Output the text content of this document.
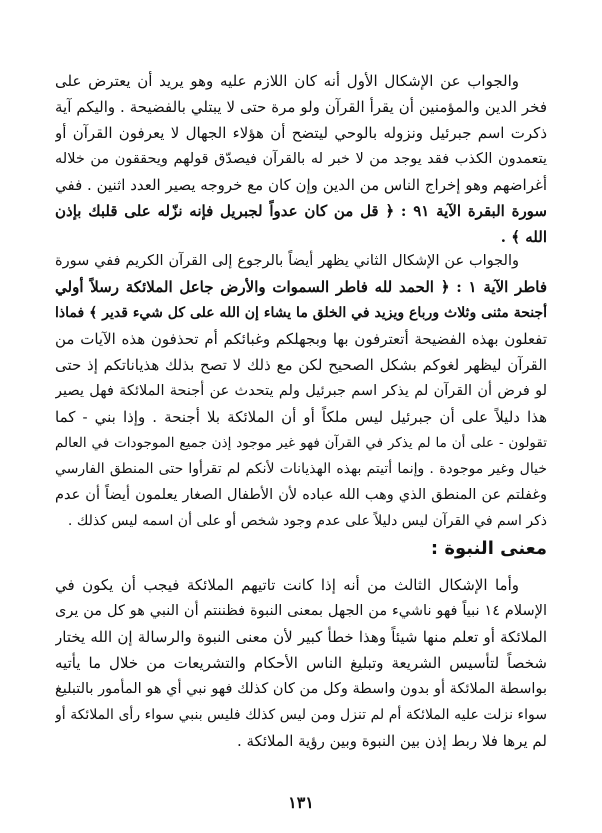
والجواب عن الإشكال الأول أنه كان اللازم عليه وهو يريد أن يعترض على
فخر الدين والمؤمنين أن يقرأ القرآن ولو مرة حتى لا يبتلي بالفضيحة . واليكم آية
ذكرت اسم جبرئيل ونزوله بالوحي ليتضح أن هؤلاء الجهال لا يعرفون القرآن أو
يتعمدون الكذب فقد يوجد من لا خبر له بالقرآن فيصدّق قولهم ويحققون من خلاله
أغراضهم وهو إخراج الناس من الدين وإن كان مع خروجه يصير العدد اثنين . ففي
سورة البقرة الآية ٩١ : ﴿ قل من كان عدواً لجبريل فإنه نزّله على قلبك بإذن
الله ﴾ .
والجواب عن الإشكال الثاني يظهر أيضاً بالرجوع إلى القرآن الكريم ففي سورة
فاطر الآية ١ : ﴿ الحمد لله فاطر السموات والأرض جاعل الملائكة رسلاً أولي
أجنحة مثنى وثلاث ورباع ويزيد في الخلق ما يشاء إن الله على كل شيء قدير ﴾ فماذا
تفعلون بهذه الفضيحة أتعترفون بها وبجهلكم وغبائكم أم تحذفون هذه الآيات من
القرآن ليظهر لغوكم بشكل الصحيح لكن مع ذلك لا تصح بذلك هذياناتكم إذ حتى
لو فرض أن القرآن لم يذكر اسم جبرئيل ولم يتحدث عن أجنحة الملائكة فهل يصير
هذا دليلاً على أن جبرئيل ليس ملكاً أو أن الملائكة بلا أجنحة . وإذا بني - كما
تقولون - على أن ما لم يذكر في القرآن فهو غير موجود إذن جميع الموجودات في العالم
خيال وغير موجودة . وإنما أتيتم بهذه الهذيانات لأنكم لم تقرأوا حتى المنطق الفارسي
وغفلتم عن المنطق الذي وهب الله عباده لأن الأطفال الصغار يعلمون أيضاً أن عدم
ذكر اسم في القرآن ليس دليلاً على عدم وجود شخص أو على أن اسمه ليس كذلك .
معنى النبوة :
وأما الإشكال الثالث من أنه إذا كانت تاتيهم الملائكة فيجب أن يكون في
الإسلام ١٤ نبياً فهو ناشيء من الجهل بمعنى النبوة فظننتم أن النبي هو كل من يرى
الملائكة أو تعلم منها شيئاً وهذا خطأ كبير لأن معنى النبوة والرسالة إن الله يختار
شخصاً لتأسيس الشريعة وتبليغ الناس الأحكام والتشريعات من خلال ما يأتيه
بواسطة الملائكة أو بدون واسطة وكل من كان كذلك فهو نبي أي هو المأمور بالتبليغ
سواء نزلت عليه الملائكة أم لم تنزل ومن ليس كذلك فليس بنبي سواء رأى الملائكة أو
لم يرها فلا ربط إذن بين النبوة وبين رؤية الملائكة .
١٣١
